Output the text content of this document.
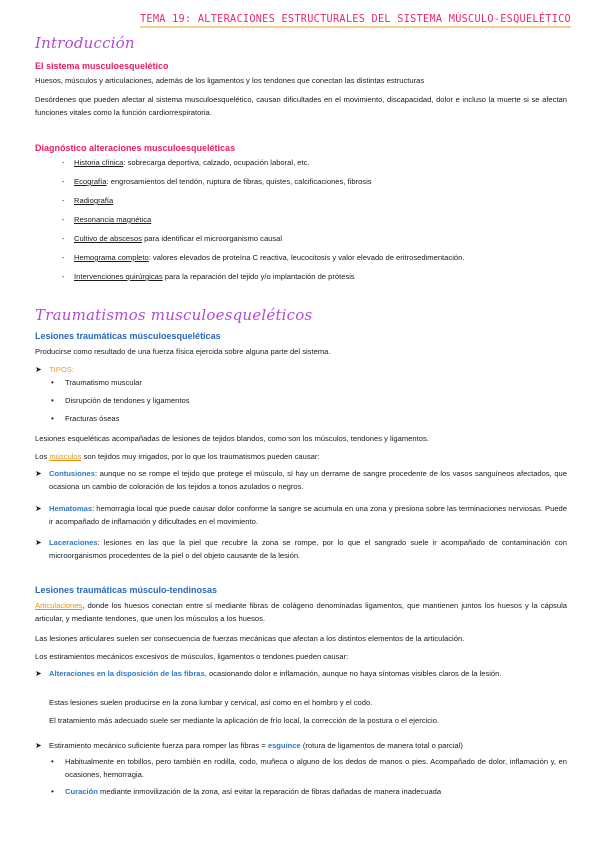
TEMA 19: ALTERACIONES ESTRUCTURALES DEL SISTEMA MÚSCULO-ESQUELÉTICO
Introducción
El sistema musculoesquelético
Huesos, músculos y articulaciones, además de los ligamentos y los tendones que conectan las distintas estructuras
Desórdenes que pueden afectar al sistema musculoesquelético, causan dificultades en el movimiento, discapacidad, dolor e incluso la muerte si se afectan funciones vitales como la función cardiorrespiratoria.
Diagnóstico alteraciones musculoesqueléticas
- Historia clínica: sobrecarga deportiva, calzado, ocupación laboral, etc.
- Ecografía: engrosamientos del tendón, ruptura de fibras, quistes, calcificaciones, fibrosis
- Radiografía
- Resonancia magnética
- Cultivo de abscesos para identificar el microorganismo causal
- Hemograma completo: valores elevados de proteína C reactiva, leucocitosis y valor elevado de eritrosedimentación.
- Intervenciones quirúrgicas para la reparación del tejido y/o implantación de prótesis
Traumatismos musculoesqueléticos
Lesiones traumáticas músculoesqueléticas
Producirse como resultado de una fuerza física ejercida sobre alguna parte del sistema.
➤ TIPOS:
• Traumatismo muscular
• Disrupción de tendones y ligamentos
• Fracturas óseas
Lesiones esqueléticas acompañadas de lesiones de tejidos blandos, como son los músculos, tendones y ligamentos.
Los músculos son tejidos muy irrigados, por lo que los traumatismos pueden causar:
➤ Contusiones: aunque no se rompe el tejido que protege el músculo, sí hay un derrame de sangre procedente de los vasos sanguíneos afectados, que ocasiona un cambio de coloración de los tejidos a tonos azulados o negros.
➤ Hematomas: hemorragia local que puede causar dolor conforme la sangre se acumula en una zona y presiona sobre las terminaciones nerviosas. Puede ir acompañado de inflamación y dificultades en el movimiento.
➤ Laceraciones: lesiones en las que la piel que recubre la zona se rompe, por lo que el sangrado suele ir acompañado de contaminación con microorganismos procedentes de la piel o del objeto causante de la lesión.
Lesiones traumáticas músculo-tendinosas
Articulaciones, donde los huesos conectan entre sí mediante fibras de colágeno denominadas ligamentos, que mantienen juntos los huesos y la cápsula articular, y mediante tendones, que unen los músculos a los huesos.
Las lesiones articulares suelen ser consecuencia de fuerzas mecánicas que afectan a los distintos elementos de la articulación.
Los estiramientos mecánicos excesivos de músculos, ligamentos o tendones pueden causar:
➤ Alteraciones en la disposición de las fibras, ocasionando dolor e inflamación, aunque no haya síntomas visibles claros de la lesión.
Estas lesiones suelen producirse en la zona lumbar y cervical, así como en el hombro y el codo.
El tratamiento más adecuado suele ser mediante la aplicación de frío local, la corrección de la postura o el ejercicio.
➤ Estiramiento mecánico suficiente fuerza para romper las fibras = esguince (rotura de ligamentos de manera total o parcial)
• Habitualmente en tobillos, pero también en rodilla, codo, muñeca o alguno de los dedos de manos o pies. Acompañado de dolor, inflamación y, en ocasiones, hemorragia.
• Curación mediante inmovilización de la zona, así evitar la reparación de fibras dañadas de manera inadecuada
